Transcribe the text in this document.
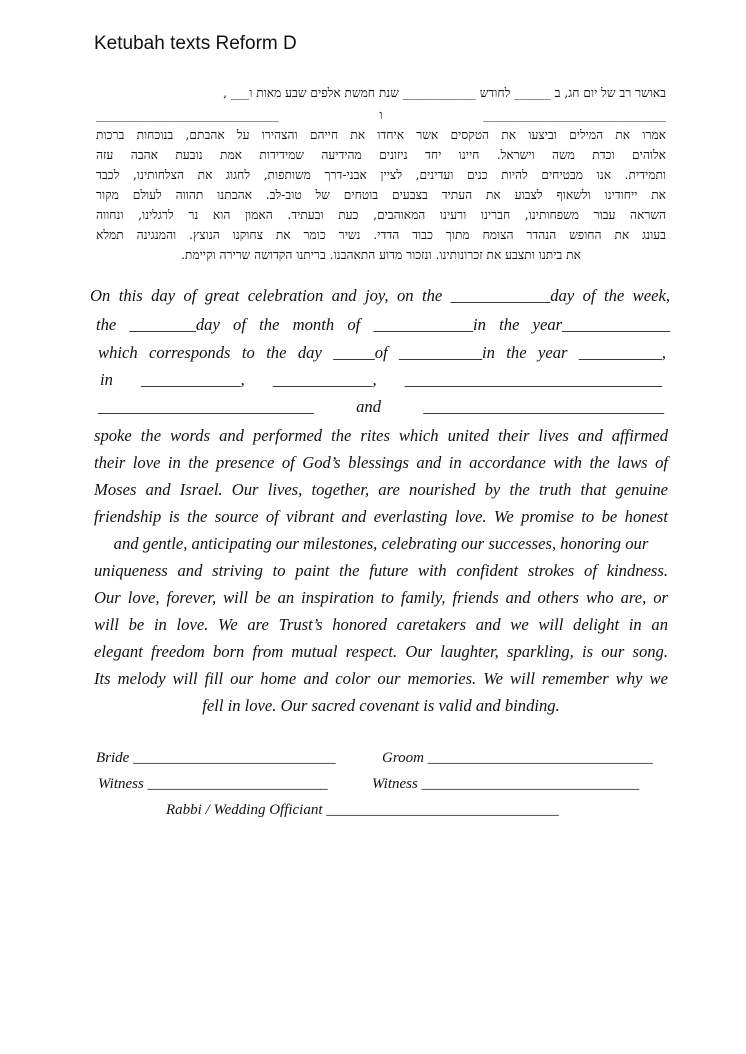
Ketubah texts Reform D
באושר רב של יום חג, ב ______ לחודש ____________ שנת חמשת אלפים שבע מאות ו___ ,
______________________________ ו ______________________________
אמרו את המילים וביצעו את הטקסים אשר איחדו את חייהם והצהירו על אהבתם, בנוכחות ברכות
אלוהים וכדת משה וישראל. חיינו יחד ניזונים מהידיעה שמידידות אמת נובעת אהבה עזה
ותמידית. אנו מבטיחים להיות כנים ועדינים, לציין אבני-דרך משותפות, לחגוג את הצלחותינו, לכבד
את ייחודינו ולשאוף לצבוע את העתיד בצבעים בוטחים של טוב-לב. אהבתנו תהווה לעולם מקור
השראה עבור משפחותינו, חברינו ורעינו המאוהבים, כעת ובעתיד. האמון הוא נר לרגלינו, ונחווה
בעונג את החופש הנהדר הצומח מתוך כבוד הדדי. נשיר כומר את צחוקנו הנוצץ. והמנגינה תמלא
את ביתנו ותצבע את זכרונותינו. ונזכור מדוע התאהבנו. בריתנו הקדושה שרירה וקיימת.
On this day of great celebration and joy, on the ____________day of the week,
the ________day of the month of ____________in the year_____________
which corresponds to the day _____of __________in the year __________,
in ____________, ____________, _______________________________
__________________________ and _____________________________
spoke the words and performed the rites which united their lives and affirmed
their love in the presence of God’s blessings and in accordance with the laws of
Moses and Israel. Our lives, together, are nourished by the truth that genuine
friendship is the source of vibrant and everlasting love. We promise to be honest
and gentle, anticipating our milestones, celebrating our successes, honoring our
uniqueness and striving to paint the future with confident strokes of kindness.
Our love, forever, will be an inspiration to family, friends and others who are, or
will be in love. We are Trust’s honored caretakers and we will delight in an
elegant freedom born from mutual respect. Our laughter, sparkling, is our song.
Its melody will fill our home and color our memories. We will remember why we
fell in love. Our sacred covenant is valid and binding.
Bride ___________________________	Groom ______________________________
Witness ________________________	Witness _____________________________
Rabbi / Wedding Officiant _______________________________
